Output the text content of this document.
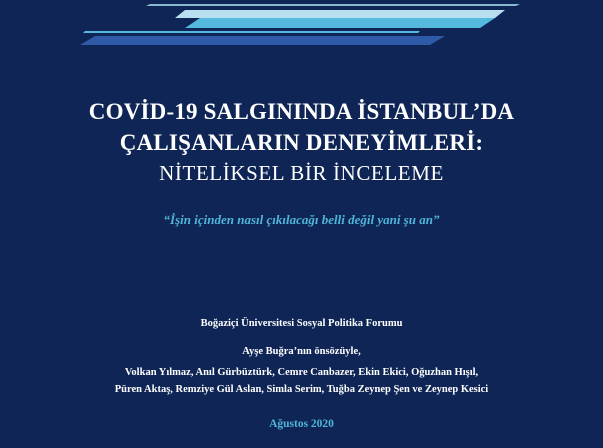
COVİD-19 SALGININDA İSTANBUL’DA
ÇALIŞANLARIN DENEYİMLERİ:
NİTELİKSEL BİR İNCELEME
“İşin içinden nasıl çıkılacağı belli değil yani şu an”
Boğaziçi Üniversitesi Sosyal Politika Forumu
Ayşe Buğra’nın önsözüyle,
Volkan Yılmaz, Anıl Gürbüztürk, Cemre Canbazer, Ekin Ekici, Oğuzhan Hışıl,
Püren Aktaş, Remziye Gül Aslan, Simla Serim, Tuğba Zeynep Şen ve Zeynep Kesici
Ağustos 2020
